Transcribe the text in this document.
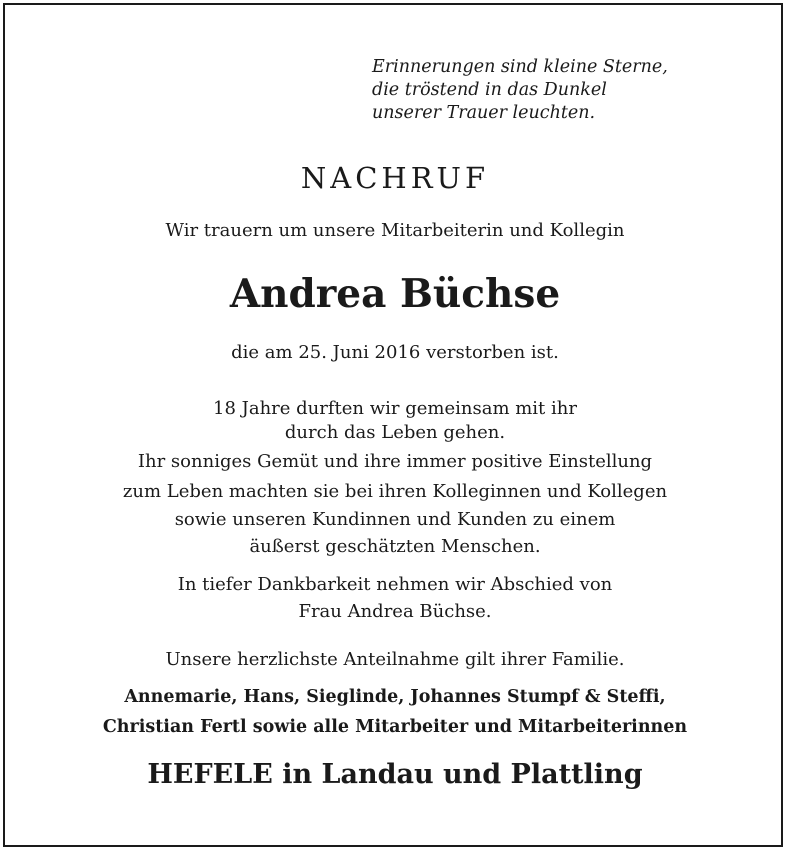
Erinnerungen sind kleine Sterne,
die tröstend in das Dunkel
unserer Trauer leuchten.
NACHRUF
Wir trauern um unsere Mitarbeiterin und Kollegin
Andrea Büchse
die am 25. Juni 2016 verstorben ist.
18 Jahre durften wir gemeinsam mit ihr
durch das Leben gehen.
Ihr sonniges Gemüt und ihre immer positive Einstellung
zum Leben machten sie bei ihren Kolleginnen und Kollegen
sowie unseren Kundinnen und Kunden zu einem
äußerst geschätzten Menschen.
In tiefer Dankbarkeit nehmen wir Abschied von
Frau Andrea Büchse.
Unsere herzlichste Anteilnahme gilt ihrer Familie.
Annemarie, Hans, Sieglinde, Johannes Stumpf & Steffi,
Christian Fertl sowie alle Mitarbeiter und Mitarbeiterinnen
HEFELE in Landau und Plattling
